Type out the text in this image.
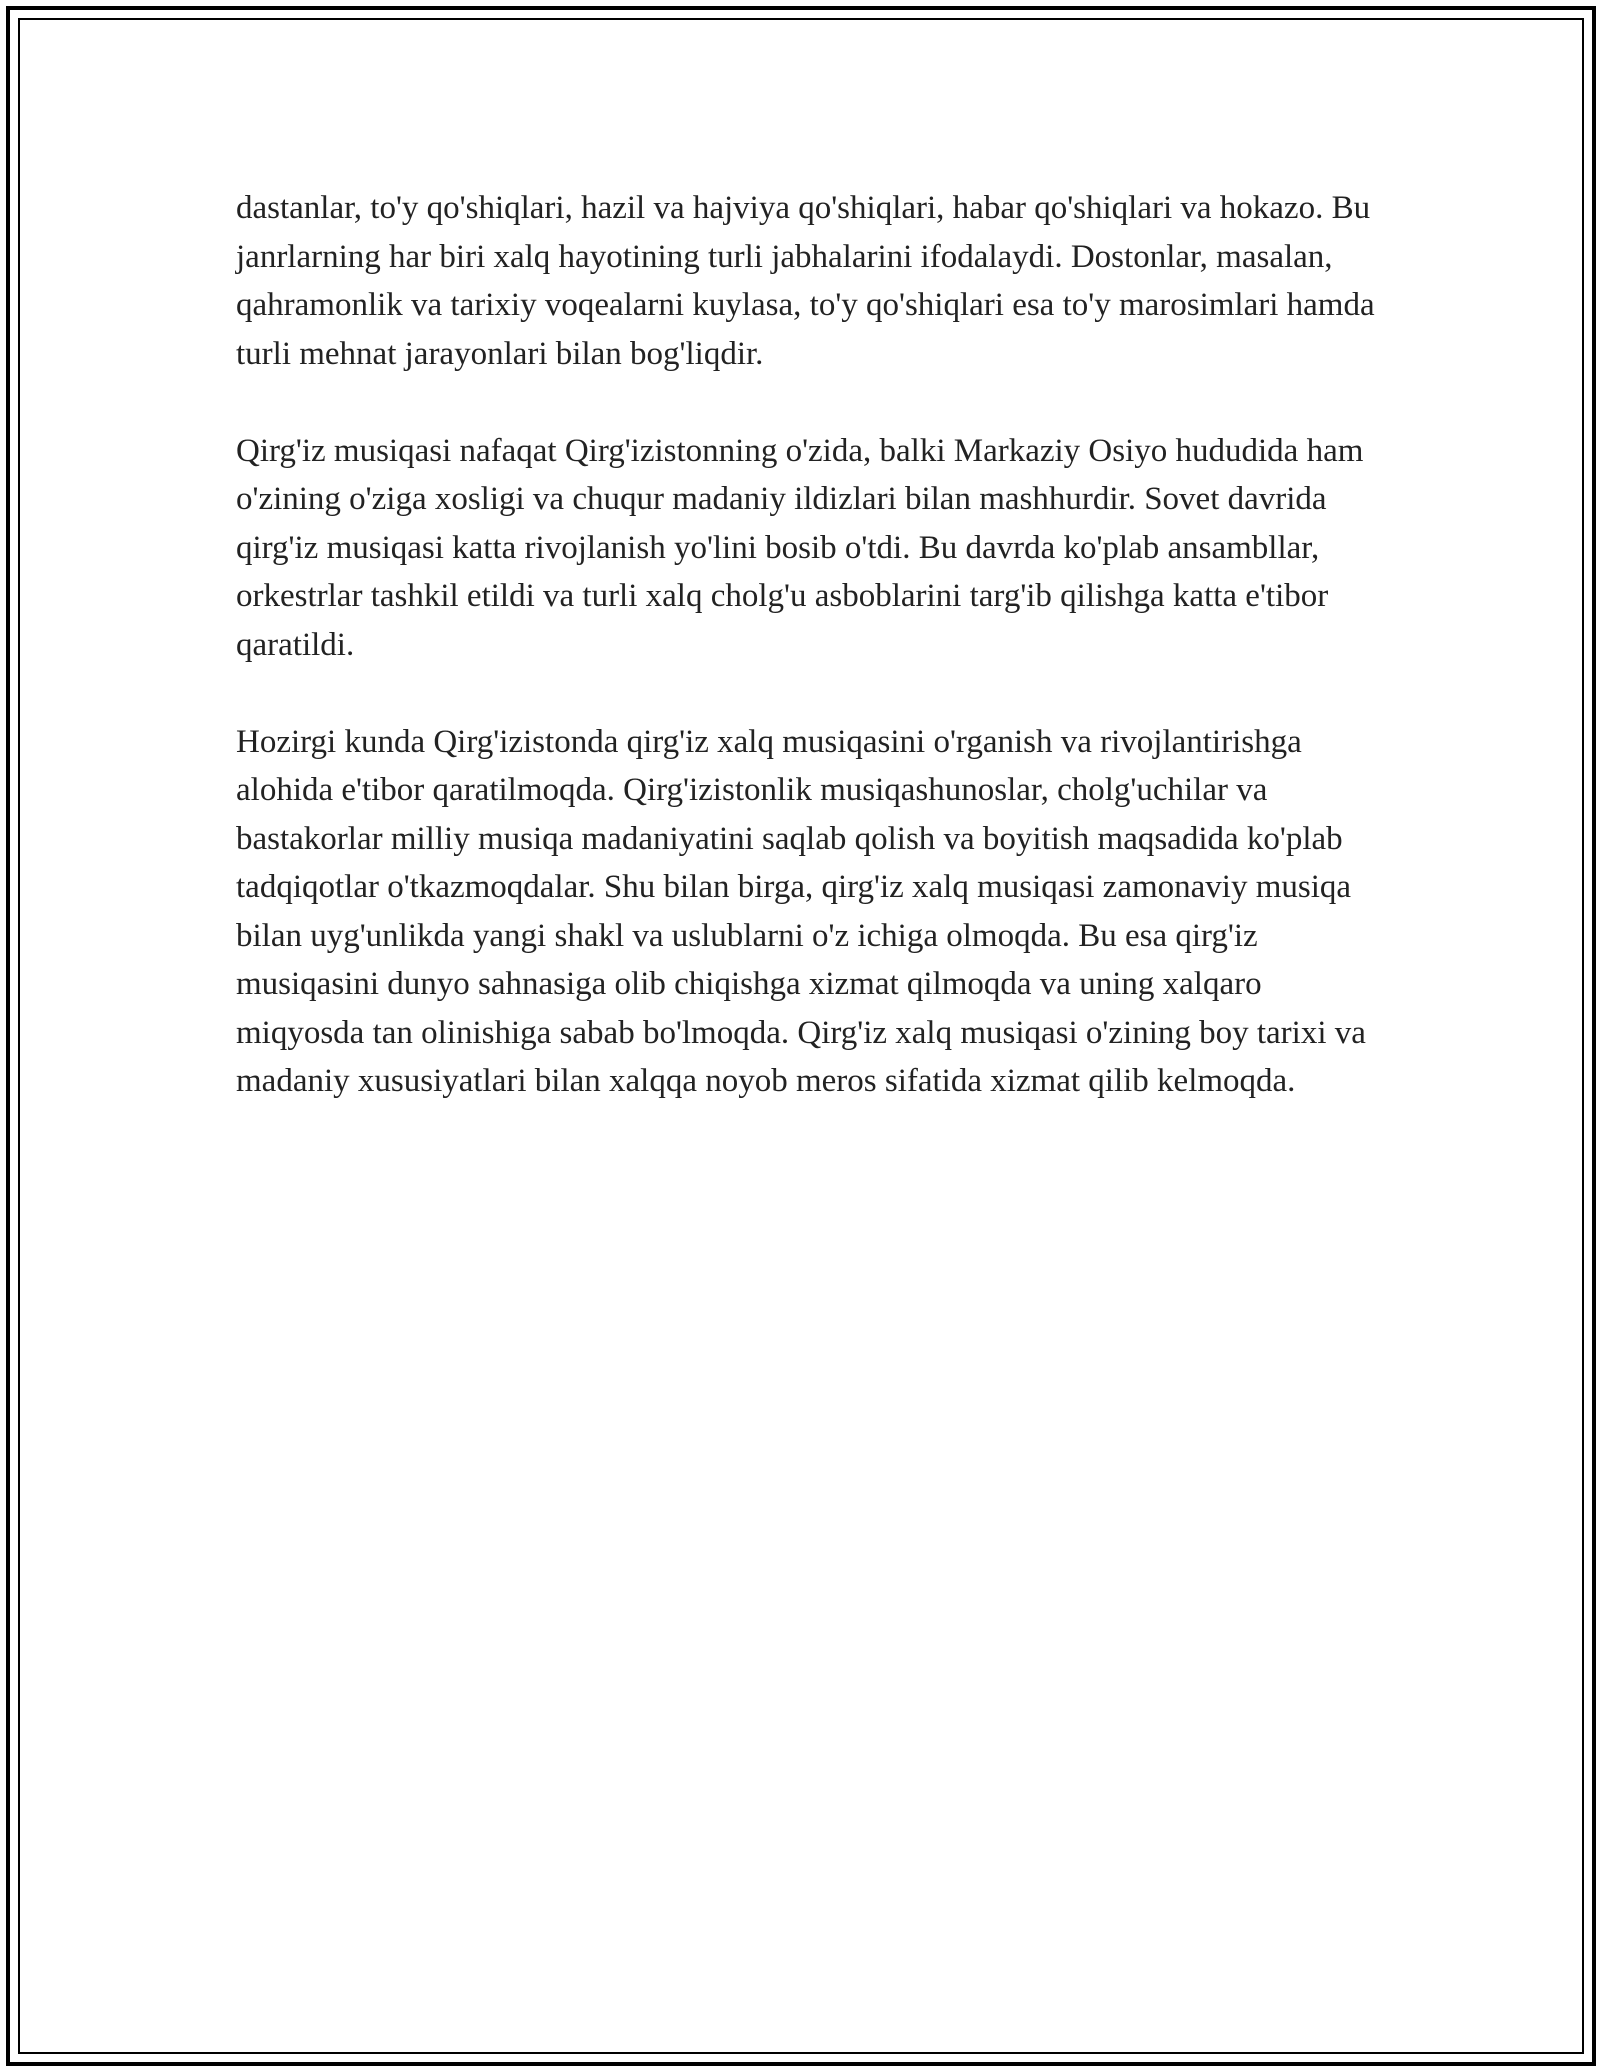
dastanlar, to'y qo'shiqlari, hazil va hajviya qo'shiqlari, habar qo'shiqlari va hokazo. Bu janrlarning har biri xalq hayotining turli jabhalarini ifodalaydi. Dostonlar, masalan, qahramonlik va tarixiy voqealarni kuylasa, to'y qo'shiqlari esa to'y marosimlari hamda turli mehnat jarayonlari bilan bog'liqdir.

Qirg'iz musiqasi nafaqat Qirg'izistonning o'zida, balki Markaziy Osiyo hududida ham o'zining o'ziga xosligi va chuqur madaniy ildizlari bilan mashhurdir. Sovet davrida qirg'iz musiqasi katta rivojlanish yo'lini bosib o'tdi. Bu davrda ko'plab ansambllar, orkestrlar tashkil etildi va turli xalq cholg'u asboblarini targ'ib qilishga katta e'tibor qaratildi.

Hozirgi kunda Qirg'izistonda qirg'iz xalq musiqasini o'rganish va rivojlantirishga alohida e'tibor qaratilmoqda. Qirg'izistonlik musiqashunoslar, cholg'uchilar va bastakorlar milliy musiqa madaniyatini saqlab qolish va boyitish maqsadida ko'plab tadqiqotlar o'tkazmoqdalar. Shu bilan birga, qirg'iz xalq musiqasi zamonaviy musiqa bilan uyg'unlikda yangi shakl va uslublarni o'z ichiga olmoqda. Bu esa qirg'iz musiqasini dunyo sahnasiga olib chiqishga xizmat qilmoqda va uning xalqaro miqyosda tan olinishiga sabab bo'lmoqda. Qirg'iz xalq musiqasi o'zining boy tarixi va madaniy xususiyatlari bilan xalqqa noyob meros sifatida xizmat qilib kelmoqda.
